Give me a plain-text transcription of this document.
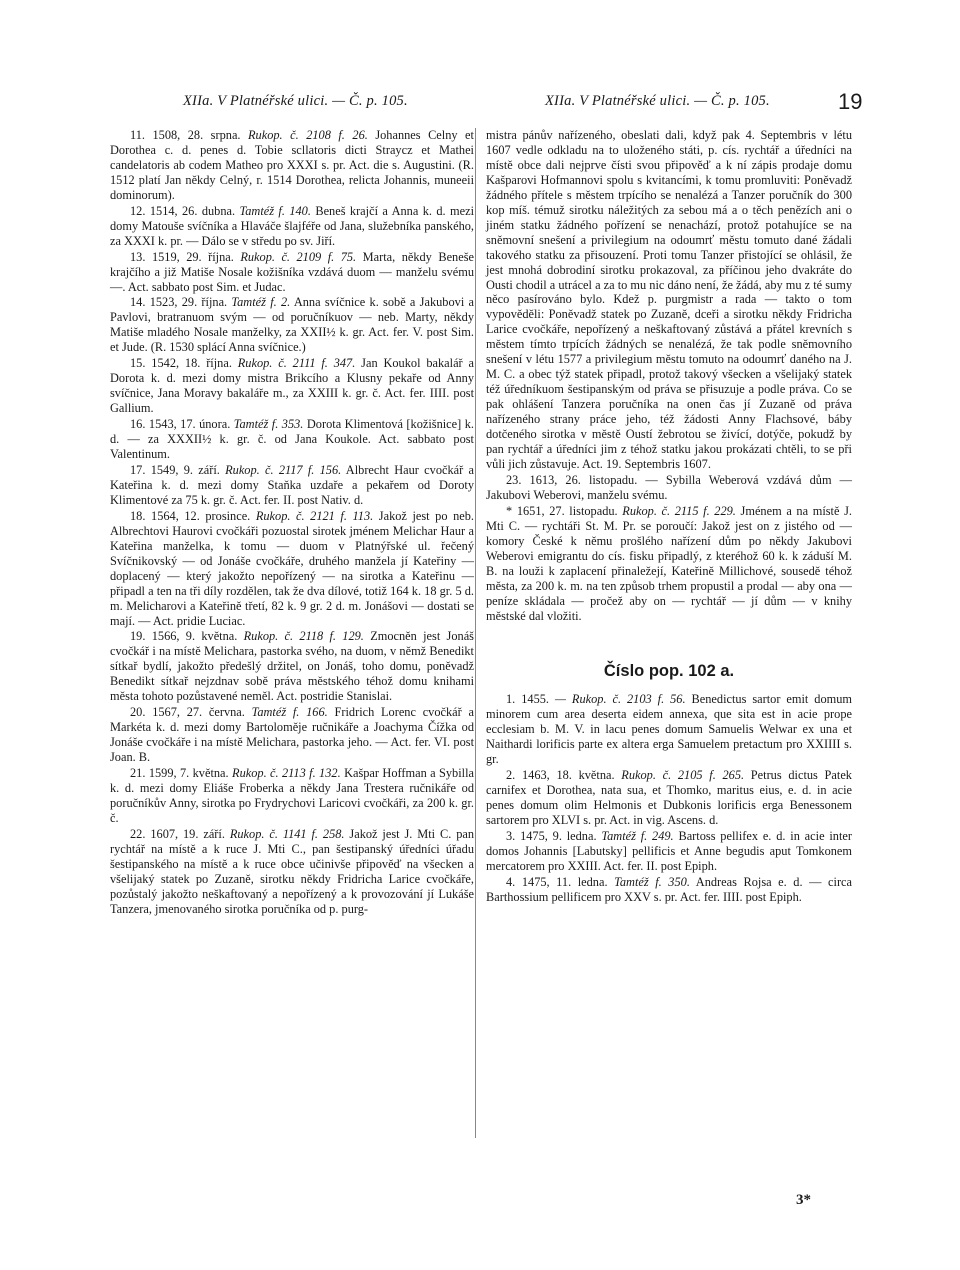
XIIa. V Platnéřské ulici. — Č. p. 105.	XIIa. V Platnéřské ulici. — Č. p. 105.	19

11. 1508, 28. srpna. Rukop. č. 2108 f. 26. Johannes Celny et Dorothea c. d. penes d. Tobie scllatoris dicti Straycz et Mathei candelatoris ab codem Matheo pro XXXI s. pr. Act. die s. Augustini. (R. 1512 platí Jan někdy Celný, r. 1514 Dorothea, relicta Johannis, muneeii dominorum).

12. 1514, 26. dubna. Tamtéž f. 140. Beneš krajčí a Anna k. d. mezi domy Matouše svíčníka a Hlaváče šlajféře od Jana, služebníka panského, za XXXI k. pr. — Dálo se v středu po sv. Jiří.

13. 1519, 29. října. Rukop. č. 2109 f. 75. Marta, někdy Beneše krajčího a již Matiše Nosale kožišníka vzdává duom — manželu svému —. Act. sabbato post Sim. et Judac.

14. 1523, 29. října. Tamtéž f. 2. Anna svíčnice k. sobě a Jakubovi a Pavlovi, bratranuom svým — od poručníkuov — neb. Marty, někdy Matiše mladého Nosale manželky, za XXII½ k. gr. Act. fer. V. post Sim. et Jude. (R. 1530 splácí Anna svíčnice.)

15. 1542, 18. října. Rukop. č. 2111 f. 347. Jan Koukol bakalář a Dorota k. d. mezi domy mistra Brikcího a Klusny pekaře od Anny svíčnice, Jana Moravy bakaláře m., za XXIII k. gr. č. Act. fer. IIII. post Gallium.

16. 1543, 17. února. Tamtéž f. 353. Dorota Klimentová [kožišnice] k. d. — za XXXII½ k. gr. č. od Jana Koukole. Act. sabbato post Valentinum.

17. 1549, 9. září. Rukop. č. 2117 f. 156. Albrecht Haur cvočkář a Kateřina k. d. mezi domy Staňka uzdaře a pekařem od Doroty Klimentové za 75 k. gr. č. Act. fer. II. post Nativ. d.

18. 1564, 12. prosince. Rukop. č. 2121 f. 113. Jakož jest po neb. Albrechtovi Haurovi cvočkáři pozuostal sirotek jménem Melichar Haur a Kateřina manželka, k tomu — duom v Platnýřské ul. řečený Svíčnikovský — od Jonáše cvočkáře, druhého manžela jí Kateřiny — doplacený — který jakožto nepořízený — na sirotka a Kateřinu — připadl a ten na tři díly rozdělen, tak že dva dílové, totiž 164 k. 18 gr. 5 d. m. Melicharovi a Kateřině třetí, 82 k. 9 gr. 2 d. m. Jonášovi — dostati se mají. — Act. pridie Luciac.

19. 1566, 9. května. Rukop. č. 2118 f. 129. Zmocněn jest Jonáš cvočkář i na místě Melichara, pastorka svého, na duom, v němž Benedikt sítkař bydlí, jakožto předešlý držitel, on Jonáš, toho domu, poněvadž Benedikt sítkař nejzdnav sobě práva městského téhož domu knihami města tohoto pozůstavené neměl. Act. postridie Stanislai.

20. 1567, 27. června. Tamtéž f. 166. Fridrich Lorenc cvočkář a Markéta k. d. mezi domy Bartoloměje ručnikáře a Joachyma Čížka od Jonáše cvočkáře i na místě Melichara, pastorka jeho. — Act. fer. VI. post Joan. B.

21. 1599, 7. května. Rukop. č. 2113 f. 132. Kašpar Hoffman a Sybilla k. d. mezi domy Eliáše Froberka a někdy Jana Trestera ručnikáře od poručníkův Anny, sirotka po Frydrychovi Laricovi cvočkáři, za 200 k. gr. č.

22. 1607, 19. září. Rukop. č. 1141 f. 258. Jakož jest J. Mti C. pan rychtář na místě a k ruce J. Mti C., pan šestipanský úředníci úřadu šestipanského na místě a k ruce obce učinivše připověď na všecken a všelijaký statek po Zuzaně, sirotku někdy Fridricha Larice cvočkáře, pozůstalý jakožto neškaftovaný a nepořízený a k provozování jí Lukáše Tanzera, jmenovaného sirotka poručníka od p. purg-

mistra pánův nařízeného, obeslati dali, když pak 4. Septembris v létu 1607 vedle odkladu na to uloženého státi, p. cís. rychtář a úředníci na místě obce dali nejprve čísti svou připověď a k ní zápis prodaje domu Kašparovi Hofmannovi spolu s kvitancími, k tomu promluviti: Poněvadž žádného přítele s městem trpícího se nenalézá a Tanzer poručník do 300 kop míš. témuž sirotku náležitých za sebou má a o těch penězích ani o jiném statku žádného pořízení se nenachází, protož potahujíce se na sněmovní snešení a privilegium na odoumrť městu tomuto dané žádali takového statku za přisouzení. Proti tomu Tanzer přistojící se ohlásil, že jest mnohá dobrodiní sirotku prokazoval, za příčinou jeho dvakráte do Ousti chodil a utrácel a za to mu nic dáno není, že žádá, aby mu z té sumy něco pasírováno bylo. Kdež p. purgmistr a rada — takto o tom vypověděli: Poněvadž statek po Zuzaně, dceři a sirotku někdy Fridricha Larice cvočkáře, nepořízený a neškaftovaný zůstává a přátel krevních s městem tímto trpících žádných se nenalézá, že tak podle sněmovního snešení v létu 1577 a privilegium městu tomuto na odoumrť daného na J. M. C. a obec týž statek připadl, protož takový všecken a všelijaký statek též úředníkuom šestipanským od práva se přisuzuje a podle práva. Co se pak ohlášení Tanzera poručníka na onen čas jí Zuzaně od práva nařízeného strany práce jeho, též žádosti Anny Flachsové, báby dotčeného sirotka v městě Oustí žebrotou se živící, dotýče, pokudž by pan rychtář a úředníci jim z téhož statku jakou prokázati chtěli, to se při vůli jich zůstavuje. Act. 19. Septembris 1607.

23. 1613, 26. listopadu. — Sybilla Weberová vzdává dům — Jakubovi Weberovi, manželu svému.

* 1651, 27. listopadu. Rukop. č. 2115 f. 229. Jménem a na místě J. Mti C. — rychtáři St. M. Pr. se poroučí: Jakož jest on z jistého od — komory České k němu prošlého nařízení dům po někdy Jakubovi Weberovi emigrantu do cís. fisku připadlý, z kteréhož 60 k. k záduší M. B. na louži k zaplacení přinaležejí, Kateřině Millichové, sousedě téhož města, za 200 k. m. na ten způsob trhem propustil a prodal — aby ona — peníze skládala — pročež aby on — rychtář — jí dům — v knihy městské dal vložiti.

Číslo pop. 102 a.

1. 1455. — Rukop. č. 2103 f. 56. Benedictus sartor emit domum minorem cum area deserta eidem annexa, que sita est in acie prope ecclesiam b. M. V. in lacu penes domum Samuelis Welwar ex una et Naithardi lorificis parte ex altera erga Samuelem pretactum pro XXIIII s. gr.

2. 1463, 18. května. Rukop. č. 2105 f. 265. Petrus dictus Patek carnifex et Dorothea, nata sua, et Thomko, maritus eius, e. d. in acie penes domum olim Helmonis et Dubkonis lorificis erga Benessonem sartorem pro XLVI s. pr. Act. in vig. Ascens. d.

3. 1475, 9. ledna. Tamtéž f. 249. Bartoss pellifex e. d. in acie inter domos Johannis [Labutsky] pellificis et Anne begudis aput Tomkonem mercatorem pro XXIII. Act. fer. II. post Epiph.

4. 1475, 11. ledna. Tamtéž f. 350. Andreas Rojsa e. d. — circa Barthossium pellificem pro XXV s. pr. Act. fer. IIII. post Epiph.

3*
